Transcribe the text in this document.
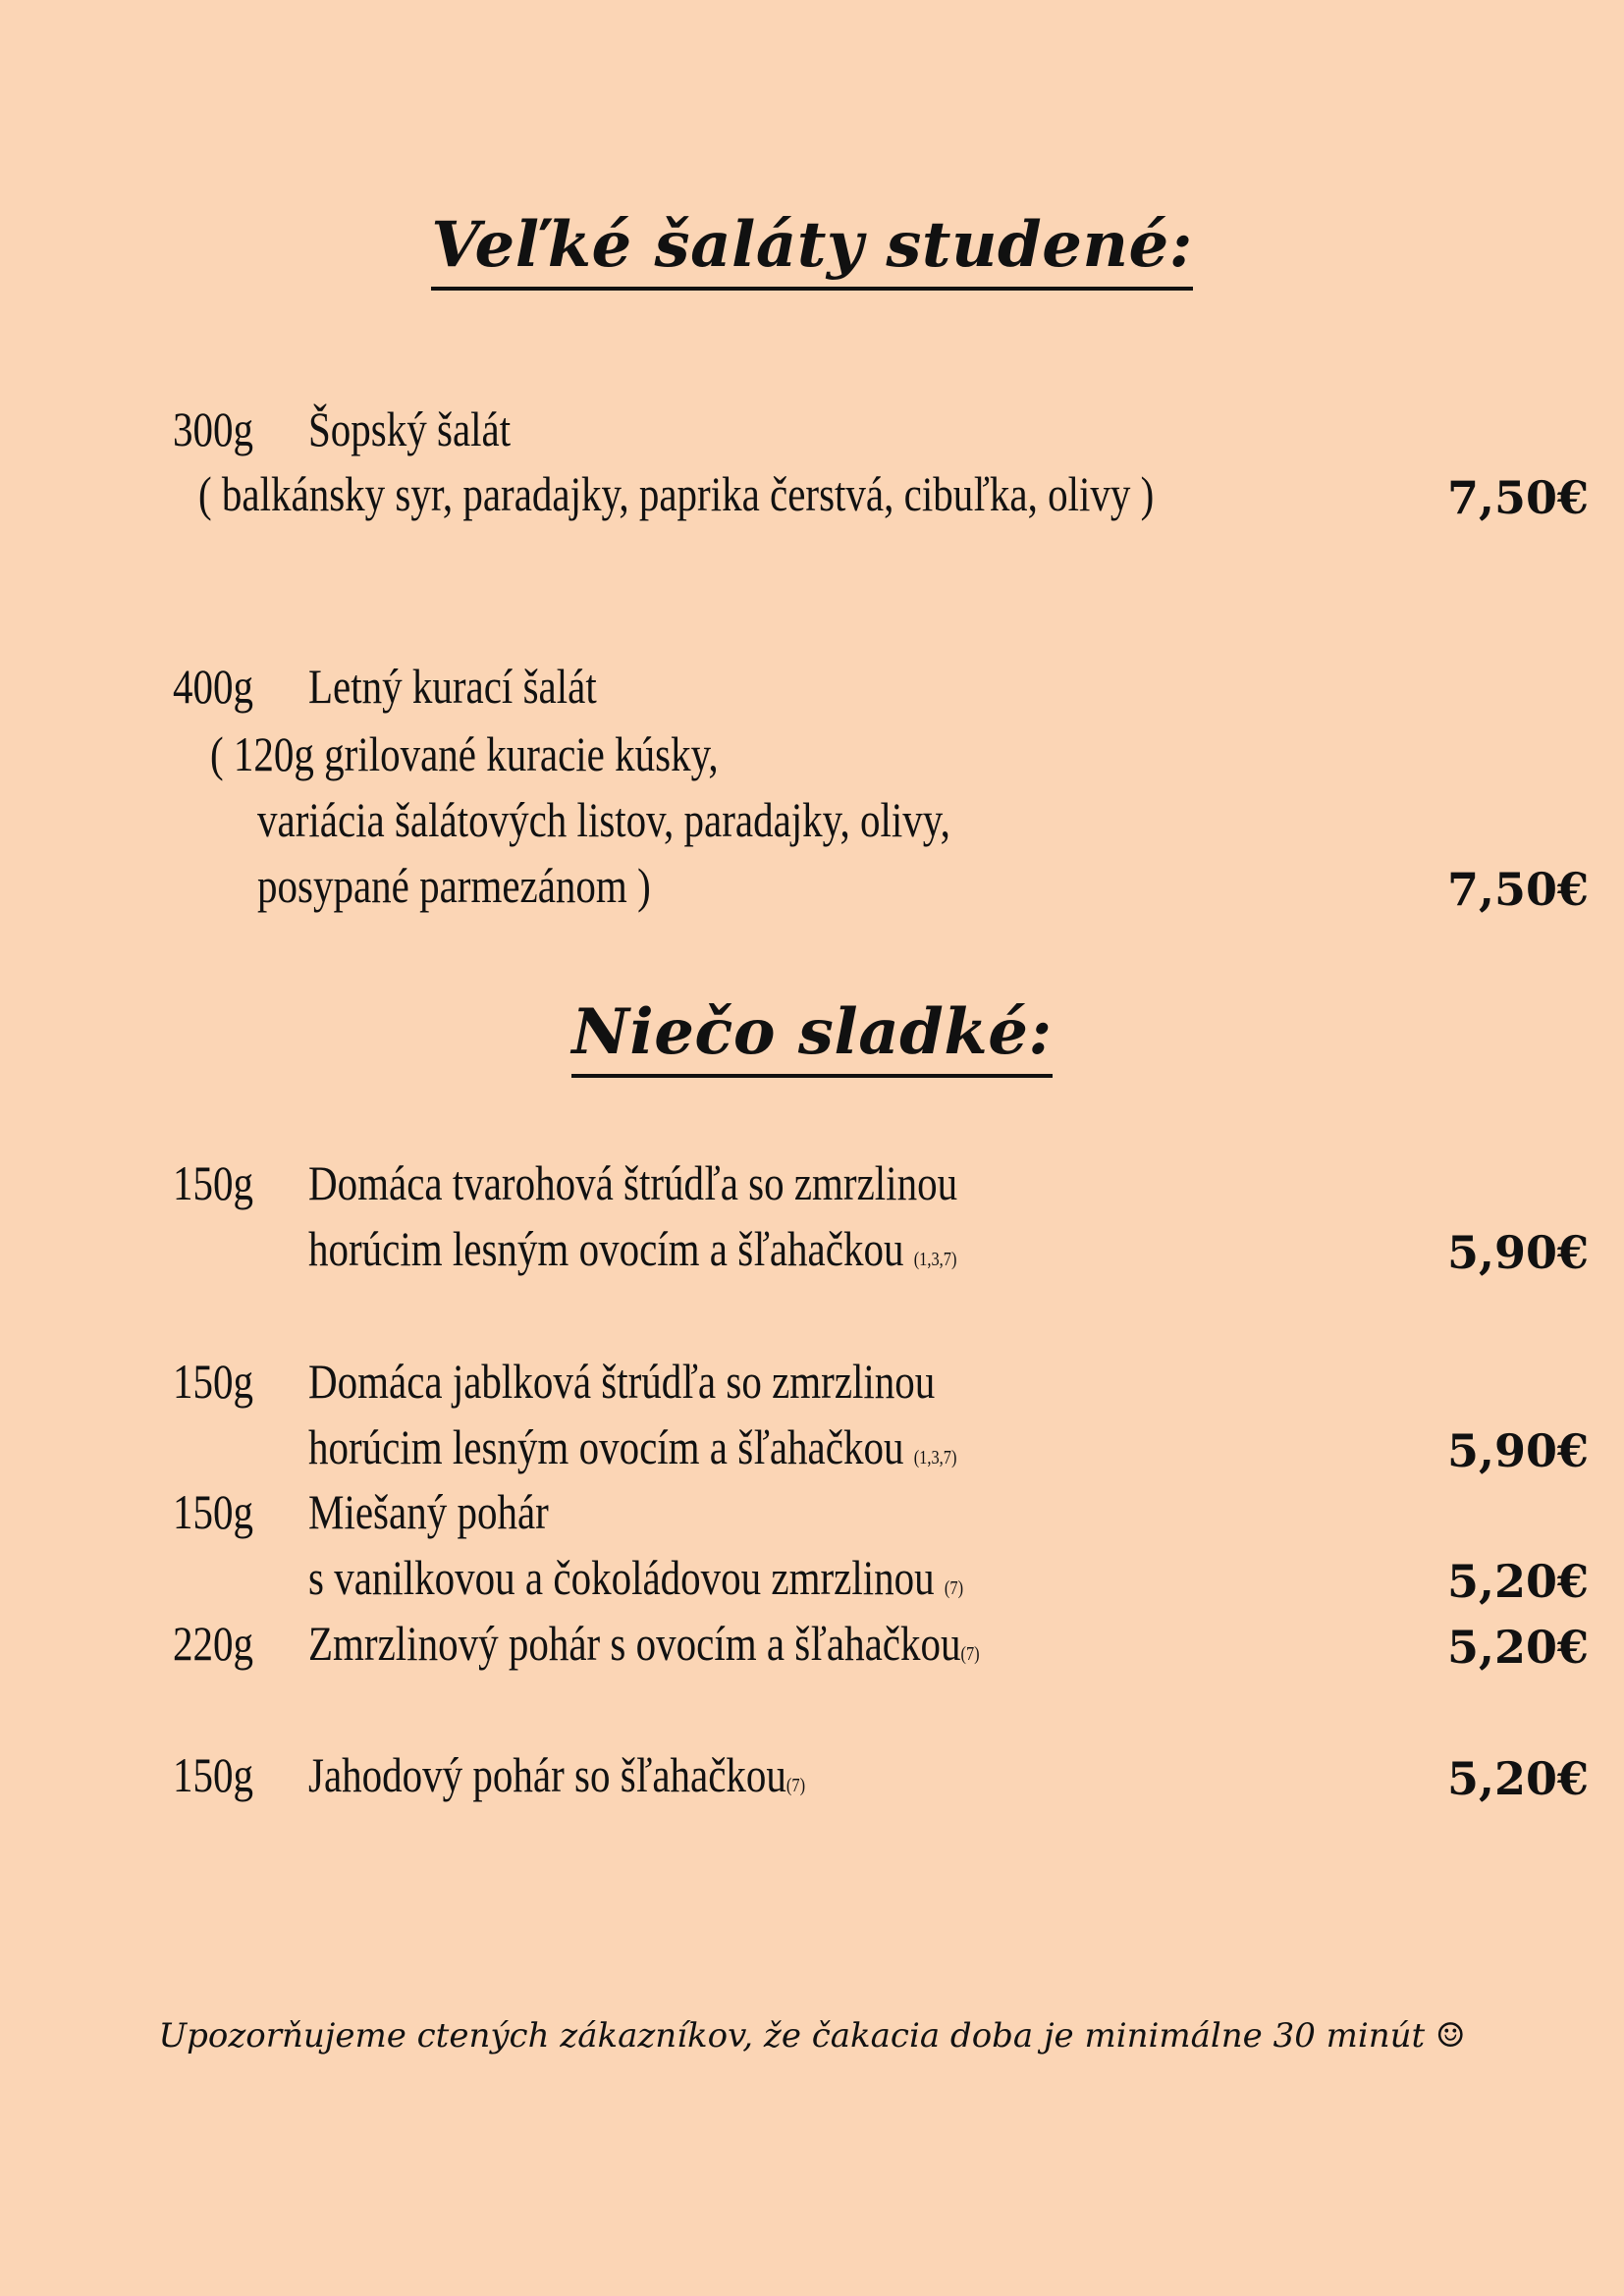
Veľké šaláty studené:
300g Šopský šalát
( balkánsky syr, paradajky, paprika čerstvá, cibuľka, olivy )	7,50€
400g Letný kurací šalát
( 120g grilované kuracie kúsky,
variácia šalátových listov, paradajky, olivy,
posypané parmezánom )	7,50€
Niečo sladké:
150g Domáca tvarohová štrúdľa so zmrzlinou
horúcim lesným ovocím a šľahačkou (1,3,7)	5,90€
150g Domáca jablková štrúdľa so zmrzlinou
horúcim lesným ovocím a šľahačkou (1,3,7)	5,90€
150g Miešaný pohár
s vanilkovou a čokoládovou zmrzlinou (7)	5,20€
220g Zmrzlinový pohár s ovocím a šľahačkou(7)	5,20€
150g Jahodový pohár so šľahačkou(7)	5,20€
Upozorňujeme ctených zákazníkov, že čakacia doba je minimálne 30 minút ☺
